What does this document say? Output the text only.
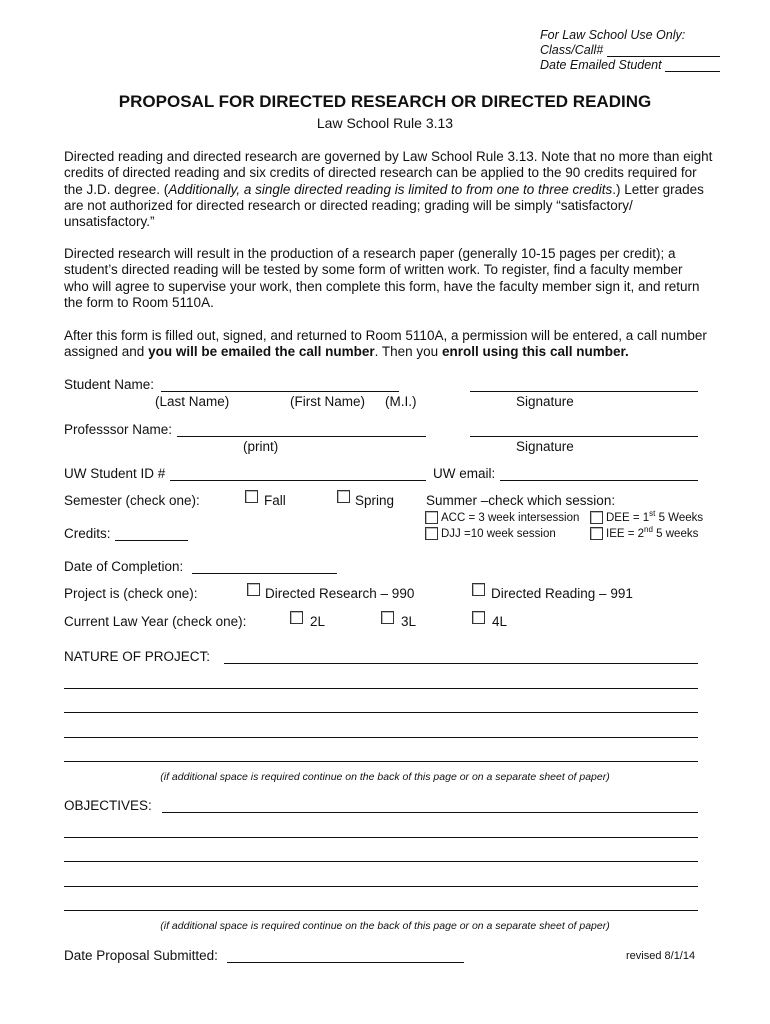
For Law School Use Only:
Class/Call#
Date Emailed Student
PROPOSAL FOR DIRECTED RESEARCH OR DIRECTED READING
Law School Rule 3.13
Directed reading and directed research are governed by Law School Rule 3.13. Note that no more than eight
credits of directed reading and six credits of directed research can be applied to the 90 credits required for
the J.D. degree. (Additionally, a single directed reading is limited to from one to three credits.) Letter grades
are not authorized for directed research or directed reading; grading will be simply “satisfactory/
unsatisfactory.”
Directed research will result in the production of a research paper (generally 10-15 pages per credit); a
student’s directed reading will be tested by some form of written work. To register, find a faculty member
who will agree to supervise your work, then complete this form, have the faculty member sign it, and return
the form to Room 5110A.
After this form is filled out, signed, and returned to Room 5110A, a permission will be entered, a call number
assigned and you will be emailed the call number. Then you enroll using this call number.
Student Name:
(Last Name)	(First Name) (M.I.)	Signature
Professsor Name:
(print)	Signature
UW Student ID #	UW email:
Semester (check one):	Fall	Spring Summer –check which session:
ACC = 3 week intersession DEE = 1st 5 Weeks
Credits:	DJJ =10 week session	IEE = 2nd 5 weeks
Date of Completion:
Project is (check one):	Directed Research – 990	Directed Reading – 991
Current Law Year (check one):	2L	3L	4L
NATURE OF PROJECT:
(if additional space is required continue on the back of this page or on a separate sheet of paper)
OBJECTIVES:
(if additional space is required continue on the back of this page or on a separate sheet of paper)
Date Proposal Submitted:	revised 8/1/14
